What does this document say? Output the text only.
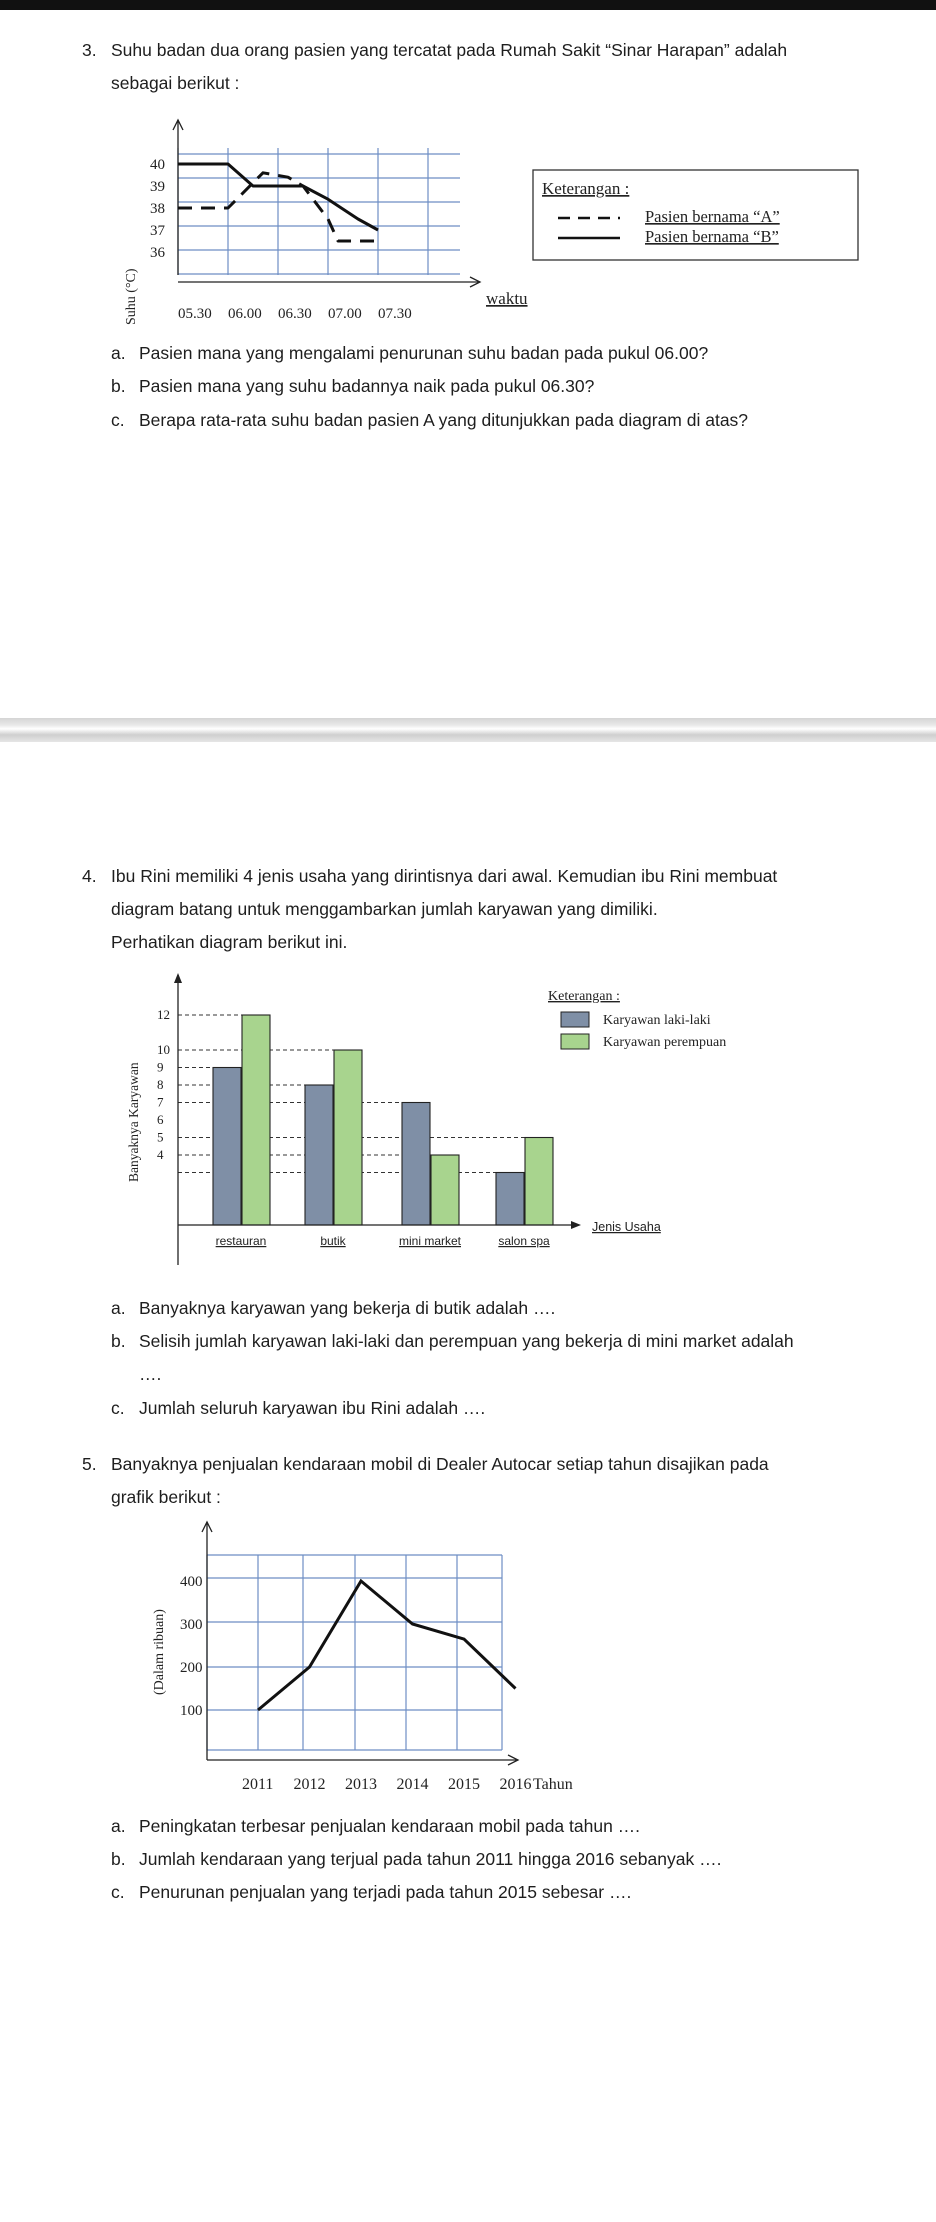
3. Suhu badan dua orang pasien yang tercatat pada Rumah Sakit “Sinar Harapan” adalah
sebagai berikut :
36
37
38
39
40
05.30 06.00 06.30 07.00 07.30
Suhu (°C)	waktu
Keterangan :
Pasien bernama “A”
Pasien bernama “B”
a. Pasien mana yang mengalami penurunan suhu badan pada pukul 06.00?
b. Pasien mana yang suhu badannya naik pada pukul 06.30?
c. Berapa rata-rata suhu badan pasien A yang ditunjukkan pada diagram di atas?
4. Ibu Rini memiliki 4 jenis usaha yang dirintisnya dari awal. Kemudian ibu Rini membuat
diagram batang untuk menggambarkan jumlah karyawan yang dimiliki.
Perhatikan diagram berikut ini.
4
5
6
7
8
9
10
12
restauran	butik	mini market	salon spa
Banyaknya Karyawan
Jenis Usaha
Keterangan :
Karyawan laki-laki
Karyawan perempuan
a. Banyaknya karyawan yang bekerja di butik adalah ….
b. Selisih jumlah karyawan laki-laki dan perempuan yang bekerja di mini market adalah
….
c. Jumlah seluruh karyawan ibu Rini adalah ….
5. Banyaknya penjualan kendaraan mobil di Dealer Autocar setiap tahun disajikan pada
grafik berikut :
100
200
300
400
2011 2012 2013 2014 2015 2016
(Dalam ribuan)
Tahun
a. Peningkatan terbesar penjualan kendaraan mobil pada tahun ….
b. Jumlah kendaraan yang terjual pada tahun 2011 hingga 2016 sebanyak ….
c. Penurunan penjualan yang terjadi pada tahun 2015 sebesar ….
